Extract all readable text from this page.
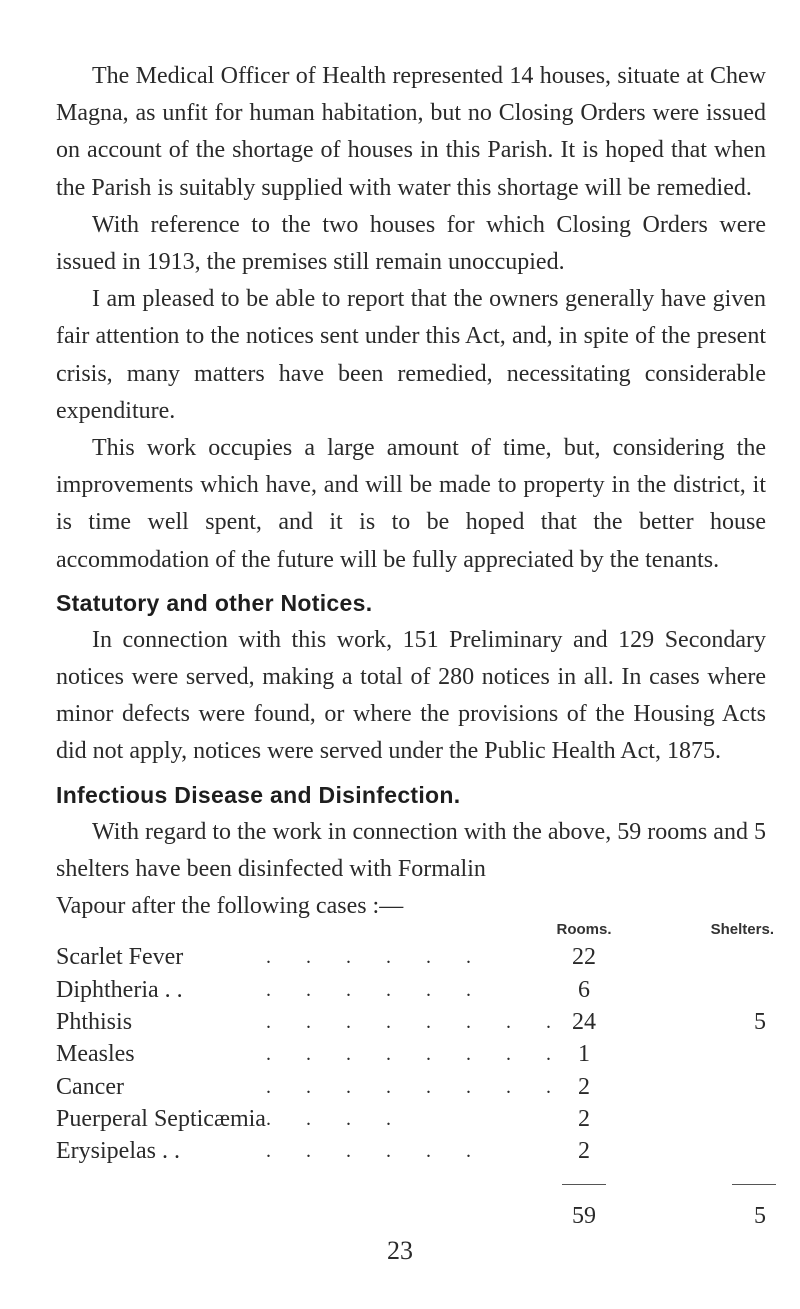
The Medical Officer of Health represented 14 houses, situate at Chew Magna, as unfit for human habitation, but no Closing Orders were issued on account of the shortage of houses in this Parish. It is hoped that when the Parish is suitably supplied with water this shortage will be remedied.

With reference to the two houses for which Closing Orders were issued in 1913, the premises still remain unoccupied.

I am pleased to be able to report that the owners generally have given fair attention to the notices sent under this Act, and, in spite of the present crisis, many matters have been remedied, necessitating considerable expenditure.

This work occupies a large amount of time, but, considering the improvements which have, and will be made to property in the district, it is time well spent, and it is to be hoped that the better house accommodation of the future will be fully appreciated by the tenants.

Statutory and other Notices.

In connection with this work, 151 Preliminary and 129 Secondary notices were served, making a total of 280 notices in all. In cases where minor defects were found, or where the provisions of the Housing Acts did not apply, notices were served under the Public Health Act, 1875.

Infectious Disease and Disinfection.

With regard to the work in connection with the above, 59 rooms and 5 shelters have been disinfected with Formalin

Vapour after the following cases :—
		Rooms.	Shelters.
Scarlet Fever	. . . . . .	22	
Diphtheria . .	. . . . . .	6	
Phthisis	. . . . . . . .	24	5
Measles	. . . . . . . .	1	
Cancer	. . . . . . . .	2	
Puerperal Septicæmia	. . . .	2	
Erysipelas . .	. . . . . .	2	

		59	5
23
